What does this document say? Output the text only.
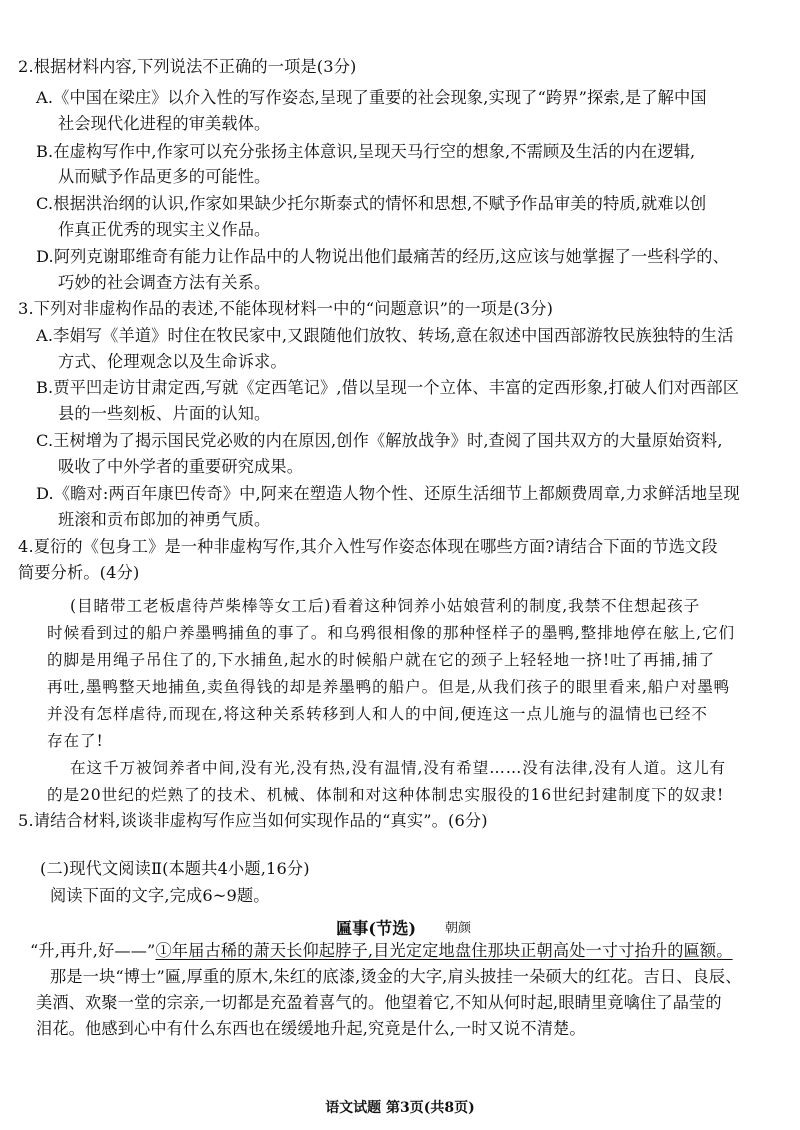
2.根据材料内容,下列说法不正确的一项是(3分)
A.《中国在梁庄》以介入性的写作姿态,呈现了重要的社会现象,实现了“跨界”探索,是了解中国
社会现代化进程的审美载体。
B.在虚构写作中,作家可以充分张扬主体意识,呈现天马行空的想象,不需顾及生活的内在逻辑,
从而赋予作品更多的可能性。
C.根据洪治纲的认识,作家如果缺少托尔斯泰式的情怀和思想,不赋予作品审美的特质,就难以创
作真正优秀的现实主义作品。
D.阿列克谢耶维奇有能力让作品中的人物说出他们最痛苦的经历,这应该与她掌握了一些科学的、
巧妙的社会调查方法有关系。
3.下列对非虚构作品的表述,不能体现材料一中的“问题意识”的一项是(3分)
A.李娟写《羊道》时住在牧民家中,又跟随他们放牧、转场,意在叙述中国西部游牧民族独特的生活
方式、伦理观念以及生命诉求。
B.贾平凹走访甘肃定西,写就《定西笔记》,借以呈现一个立体、丰富的定西形象,打破人们对西部区
县的一些刻板、片面的认知。
C.王树增为了揭示国民党必败的内在原因,创作《解放战争》时,查阅了国共双方的大量原始资料,
吸收了中外学者的重要研究成果。
D.《瞻对:两百年康巴传奇》中,阿来在塑造人物个性、还原生活细节上都颇费周章,力求鲜活地呈现
班滚和贡布郎加的神勇气质。
4.夏衍的《包身工》是一种非虚构写作,其介入性写作姿态体现在哪些方面?请结合下面的节选文段
简要分析。(4分)
(目睹带工老板虐待芦柴棒等女工后)看着这种饲养小姑娘营利的制度,我禁不住想起孩子
时候看到过的船户养墨鸭捕鱼的事了。和乌鸦很相像的那种怪样子的墨鸭,整排地停在舷上,它们
的脚是用绳子吊住了的,下水捕鱼,起水的时候船户就在它的颈子上轻轻地一挤!吐了再捕,捕了
再吐,墨鸭整天地捕鱼,卖鱼得钱的却是养墨鸭的船户。但是,从我们孩子的眼里看来,船户对墨鸭
并没有怎样虐待,而现在,将这种关系转移到人和人的中间,便连这一点儿施与的温情也已经不
存在了!
在这千万被饲养者中间,没有光,没有热,没有温情,没有希望……没有法律,没有人道。这儿有
的是20世纪的烂熟了的技术、机械、体制和对这种体制忠实服役的16世纪封建制度下的奴隶!
5.请结合材料,谈谈非虚构写作应当如何实现作品的“真实”。(6分)
(二)现代文阅读Ⅱ(本题共4小题,16分)
阅读下面的文字,完成6~9题。
匾事(节选) 朝颜
“升,再升,好——”①年届古稀的萧天长仰起脖子,目光定定地盘住那块正朝高处一寸寸抬升的匾额。
那是一块“博士”匾,厚重的原木,朱红的底漆,烫金的大字,肩头披挂一朵硕大的红花。吉日、良辰、
美酒、欢聚一堂的宗亲,一切都是充盈着喜气的。他望着它,不知从何时起,眼睛里竟噙住了晶莹的
泪花。他感到心中有什么东西也在缓缓地升起,究竟是什么,一时又说不清楚。
语文试题 第3页(共8页)
